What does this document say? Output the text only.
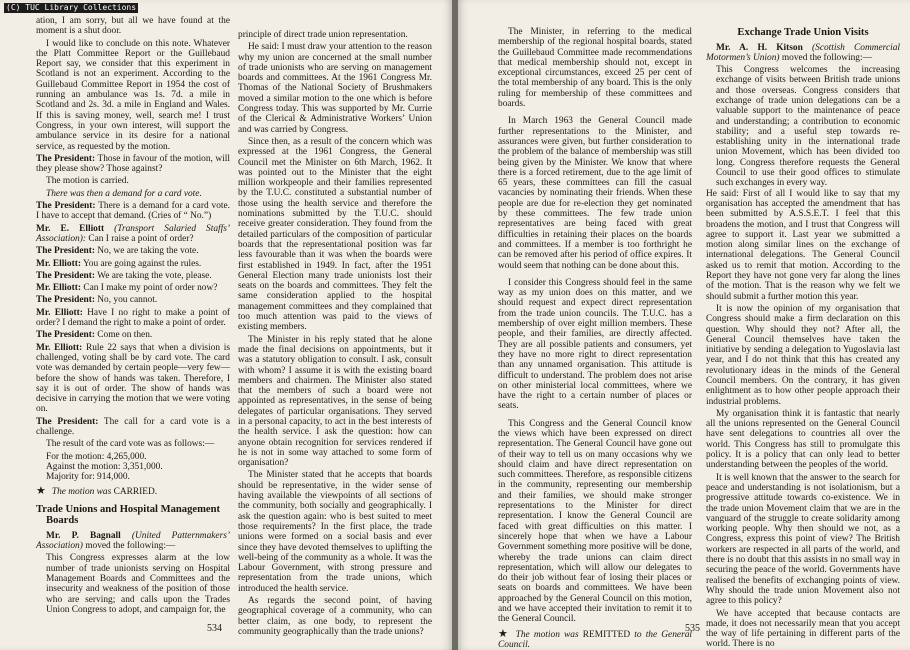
(C) TUC Library Collections

ation, I am sorry, but all we have found at the moment is a shut door.

I would like to conclude on this note. Whatever the Platt Committee Report or the Guillebaud Report say, we consider that this experiment in Scotland is not an experiment. According to the Guillebaud Committee Report in 1954 the cost of running an ambulance was 1s. 7d. a mile in Scotland and 2s. 3d. a mile in England and Wales. If this is saving money, well, search me! I trust Congress, in your own interest, will support the ambulance service in its desire for a national service, as requested by the motion.

The President: Those in favour of the motion, will they please show? Those against?

The motion is carried.

There was then a demand for a card vote.

The President: There is a demand for a card vote. I have to accept that demand. (Cries of “ No.”)

Mr. E. Elliott (Transport Salaried Staffs’ Association): Can I raise a point of order?

The President: No, we are taking the vote.

Mr. Elliott: You are going against the rules.

The President: We are taking the vote, please.

Mr. Elliott: Can I make my point of order now?

The President: No, you cannot.

Mr. Elliott: Have I no right to make a point of order? I demand the right to make a point of order.

The President: Come on then.

Mr. Elliott: Rule 22 says that when a division is challenged, voting shall be by card vote. The card vote was demanded by certain people—very few—before the show of hands was taken. Therefore, I say it is out of order. The show of hands was decisive in carrying the motion that we were voting on.

The President: The call for a card vote is a challenge.

The result of the card vote was as follows:—

For the motion: 4,265,000.

Against the motion: 3,351,000.

Majority for: 914,000.

★ The motion was CARRIED.

Trade Unions and Hospital Management Boards

Mr. P. Bagnall (United Patternmakers’ Association) moved the following:—

This Congress expresses alarm at the low number of trade unionists serving on Hospital Management Boards and Committees and the insecurity and weakness of the position of those who are serving; and calls upon the Trades Union Congress to adopt, and campaign for, the

principle of direct trade union representation.

He said: I must draw your attention to the reason why my union are concerned at the small number of trade unionists who are serving on management boards and committees. At the 1961 Congress Mr. Thomas of the National Society of Brushmakers moved a similar motion to the one which is before Congress today. This was supported by Mr. Currie of the Clerical & Administrative Workers’ Union and was carried by Congress.

Since then, as a result of the concern which was expressed at the 1961 Congress, the General Council met the Minister on 6th March, 1962. It was pointed out to the Minister that the eight million workpeople and their families represented by the T.U.C. constituted a substantial number of those using the health service and therefore the nominations submitted by the T.U.C. should receive greater consideration. They found from the detailed particulars of the composition of particular boards that the representational position was far less favourable than it was when the boards were first established in 1949. In fact, after the 1951 General Election many trade unionists lost their seats on the boards and committees. They felt the same consideration applied to the hospital management committees and they complained that too much attention was paid to the views of existing members.

The Minister in his reply stated that he alone made the final decisions on appointments, but it was a statutory obligation to consult. I ask, consult with whom? I assume it is with the existing board members and chairmen. The Minister also stated that the members of such a board were not appointed as representatives, in the sense of being delegates of particular organisations. They served in a personal capacity, to act in the best interests of the health service. I ask the question: how can anyone obtain recognition for services rendered if he is not in some way attached to some form of organisation?

The Minister stated that he accepts that boards should be representative, in the wider sense of having available the viewpoints of all sections of the community, both socially and geographically. I ask the question again: who is best suited to meet those requirements? In the first place, the trade unions were formed on a social basis and ever since they have devoted themselves to uplifting the well-being of the community as a whole. It was the Labour Government, with strong pressure and representation from the trade unions, which introduced the health service.

As regards the second point, of having geographical coverage of a community, who can better claim, as one body, to represent the community geographically than the trade unions?

534

The Minister, in referring to the medical membership of the regional hospital boards, stated the Guillebaud Committee made recommendations that medical membership should not, except in exceptional circumstances, exceed 25 per cent of the total membership of any board. This is the only ruling for membership of these committees and boards.

In March 1963 the General Council made further representations to the Minister, and assurances were given, but further consideration to the problem of the balance of membership was still being given by the Minister. We know that where there is a forced retirement, due to the age limit of 65 years, these committees can fill the casual vacancies by nominating their friends. When these people are due for re-election they get nominated by these committees. The few trade union representatives are being faced with great difficulties in retaining their places on the boards and committees. If a member is too forthright he can be removed after his period of office expires. It would seem that nothing can be done about this.

I consider this Congress should feel in the same way as my union does on this matter, and we should request and expect direct representation from the trade union councils. The T.U.C. has a membership of over eight million members. These people, and their families, are directly affected. They are all possible patients and consumers, yet they have no more right to direct representation than any unnamed organisation. This attitude is difficult to understand. The problem does not arise on other ministerial local committees, where we have the right to a certain number of places or seats.

This Congress and the General Council know the views which have been expressed on direct representation. The General Council have gone out of their way to tell us on many occasions why we should claim and have direct representation on such committees. Therefore, as responsible citizens in the community, representing our membership and their families, we should make stronger representations to the Minister for direct representation. I know the General Council are faced with great difficulties on this matter. I sincerely hope that when we have a Labour Government something more positive will be done, whereby the trade unions can claim direct representation, which will allow our delegates to do their job without fear of losing their places or seats on boards and committees. We have been approached by the General Council on this motion, and we have accepted their invitation to remit it to the General Council.

★ The motion was REMITTED to the General Council.

Exchange Trade Union Visits

Mr. A. H. Kitson (Scottish Commercial Motormen’s Union) moved the following:—

This Congress welcomes the increasing exchange of visits between British trade unions and those overseas. Congress considers that exchange of trade union delegations can be a valuable support to the maintenance of peace and understanding; a contribution to economic stability; and a useful step towards re-establishing unity in the international trade union Movement, which has been divided too long. Congress therefore requests the General Council to use their good offices to stimulate such exchanges in every way.

He said: First of all I would like to say that my organisation has accepted the amendment that has been submitted by A.S.S.E.T. I feel that this broadens the motion, and I trust that Congress will agree to support it. Last year we submitted a motion along similar lines on the exchange of international delegations. The General Council asked us to remit that motion. According to the Report they have not gone very far along the lines of the motion. That is the reason why we felt we should submit a further motion this year.

It is now the opinion of my organisation that Congress should make a firm declaration on this question. Why should they not? After all, the General Council themselves have taken the initiative by sending a delegation to Yugoslavia last year, and I do not think that this has created any revolutionary ideas in the minds of the General Council members. On the contrary, it has given enlightment as to how other people approach their industrial problems.

My organisation think it is fantastic that nearly all the unions represented on the General Council have sent delegations to countries all over the world. This Congress has still to promulgate this policy. It is a policy that can only lead to better understanding between the peoples of the world.

It is well known that the answer to the search for peace and understanding is not isolationism, but a progressive attitude towards co-existence. We in the trade union Movement claim that we are in the vanguard of the struggle to create solidarity among working people. Why then should we not, as a Congress, express this point of view? The British workers are respected in all parts of the world, and there is no doubt that this assists in no small way in securing the peace of the world. Governments have realised the benefits of exchanging points of view. Why should the trade union Movement also not agree to this policy?

We have accepted that because contacts are made, it does not necessarily mean that you accept the way of life pertaining in different parts of the world. There is no

535
